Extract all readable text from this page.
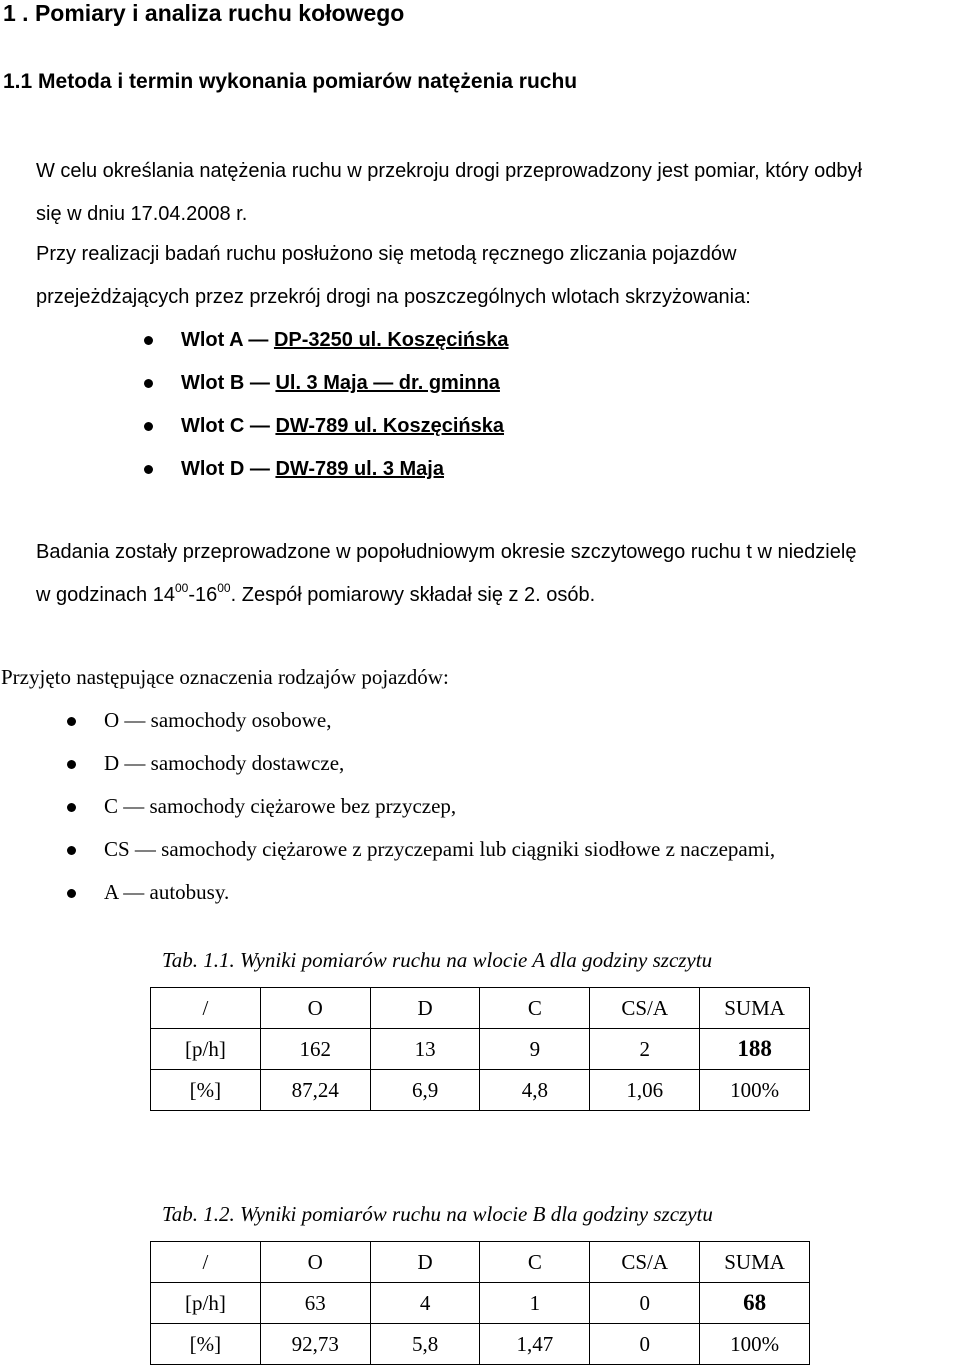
1 . Pomiary i analiza ruchu kołowego
1.1 Metoda i termin wykonania pomiarów natężenia ruchu
W celu określania natężenia ruchu w przekroju drogi przeprowadzony jest pomiar, który odbył
się w dniu 17.04.2008 r.
Przy realizacji badań ruchu posłużono się metodą ręcznego zliczania pojazdów
przejeżdżających przez przekrój drogi na poszczególnych wlotach skrzyżowania:
Wlot A — DP-3250 ul. Koszęcińska
Wlot B — Ul. 3 Maja — dr. gminna
Wlot C — DW-789 ul. Koszęcińska
Wlot D — DW-789 ul. 3 Maja
Badania zostały przeprowadzone w popołudniowym okresie szczytowego ruchu t w niedzielę
w godzinach $14^{00}-16^{00}$. Zespół pomiarowy składał się z 2. osób.
Przyjęto następujące oznaczenia rodzajów pojazdów:
O — samochody osobowe,
D — samochody dostawcze,
C — samochody ciężarowe bez przyczep,
CS — samochody ciężarowe z przyczepami lub ciągniki siodłowe z naczepami,
A — autobusy.
Tab. 1.1. Wyniki pomiarów ruchu na wlocie A dla godziny szczytu
/	O	D	C	CS/A	SUMA
[p/h]	162	13	9	2	188
[%]	87,24	6,9	4,8	1,06	100%
Tab. 1.2. Wyniki pomiarów ruchu na wlocie B dla godziny szczytu
/	O	D	C	CS/A	SUMA
[p/h]	63	4	1	0	68
[%]	92,73	5,8	1,47	0	100%
